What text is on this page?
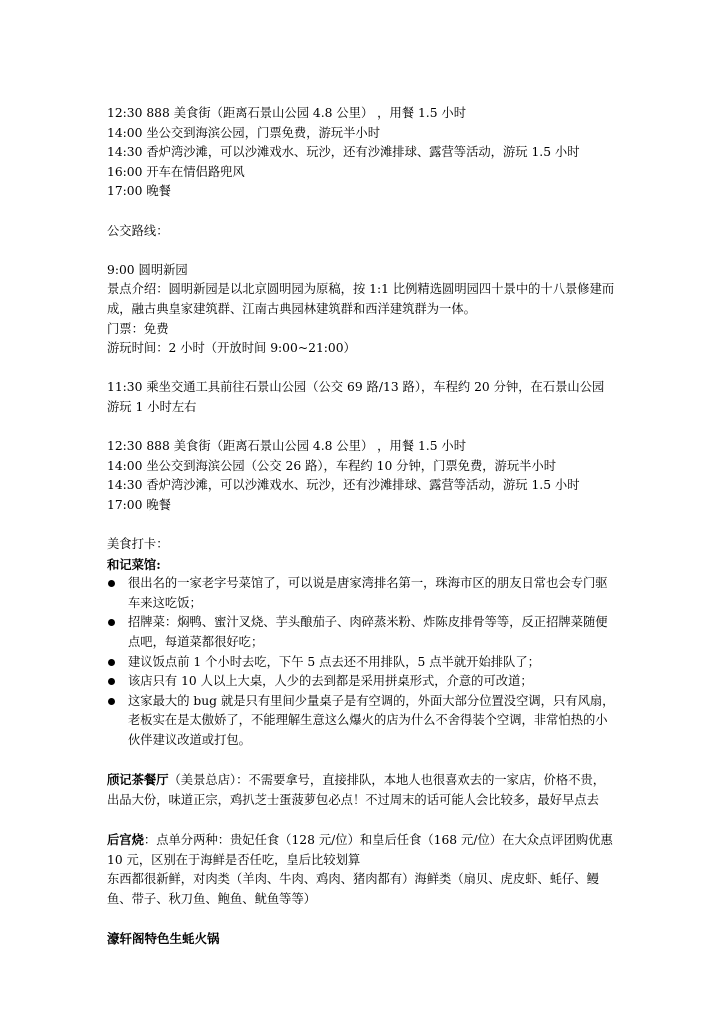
12:30 888 美食街（距离石景山公园 4.8 公里） ，用餐 1.5 小时
14:00 坐公交到海滨公园，门票免费，游玩半小时
14:30 香炉湾沙滩，可以沙滩戏水、玩沙，还有沙滩排球、露营等活动，游玩 1.5 小时
16:00 开车在情侣路兜风
17:00 晚餐
公交路线：
9:00 圆明新园
景点介绍：圆明新园是以北京圆明园为原稿，按 1:1 比例精选圆明园四十景中的十八景修建而成，融古典皇家建筑群、江南古典园林建筑群和西洋建筑群为一体。
门票：免费
游玩时间：2 小时（开放时间 9:00~21:00）
11:30 乘坐交通工具前往石景山公园（公交 69 路/13 路），车程约 20 分钟，在石景山公园游玩 1 小时左右
12:30 888 美食街（距离石景山公园 4.8 公里） ，用餐 1.5 小时
14:00 坐公交到海滨公园（公交 26 路），车程约 10 分钟，门票免费，游玩半小时
14:30 香炉湾沙滩，可以沙滩戏水、玩沙，还有沙滩排球、露营等活动，游玩 1.5 小时
17:00 晚餐
美食打卡：
和记菜馆:
很出名的一家老字号菜馆了，可以说是唐家湾排名第一，珠海市区的朋友日常也会专门驱车来这吃饭；
招牌菜：焖鸭、蜜汁叉烧、芋头酿茄子、肉碎蒸米粉、炸陈皮排骨等等，反正招牌菜随便点吧，每道菜都很好吃；
建议饭点前 1 个小时去吃，下午 5 点去还不用排队，5 点半就开始排队了；
该店只有 10 人以上大桌，人少的去到都是采用拼桌形式，介意的可改道；
这家最大的 bug 就是只有里间少量桌子是有空调的，外面大部分位置没空调，只有风扇，老板实在是太傲娇了，不能理解生意这么爆火的店为什么不舍得装个空调，非常怕热的小伙伴建议改道或打包。
颀记茶餐厅（美景总店）：不需要拿号，直接排队，本地人也很喜欢去的一家店，价格不贵，出品大份，味道正宗，鸡扒芝士蛋菠萝包必点！不过周末的话可能人会比较多，最好早点去
后宫烧：点单分两种：贵妃任食（128 元/位）和皇后任食（168 元/位）在大众点评团购优惠 10 元，区别在于海鲜是否任吃，皇后比较划算
东西都很新鲜，对肉类（羊肉、牛肉、鸡肉、猪肉都有）海鲜类（扇贝、虎皮虾、蚝仔、鳗鱼、带子、秋刀鱼、鲍鱼、鱿鱼等等）
濠轩阁特色生蚝火锅
